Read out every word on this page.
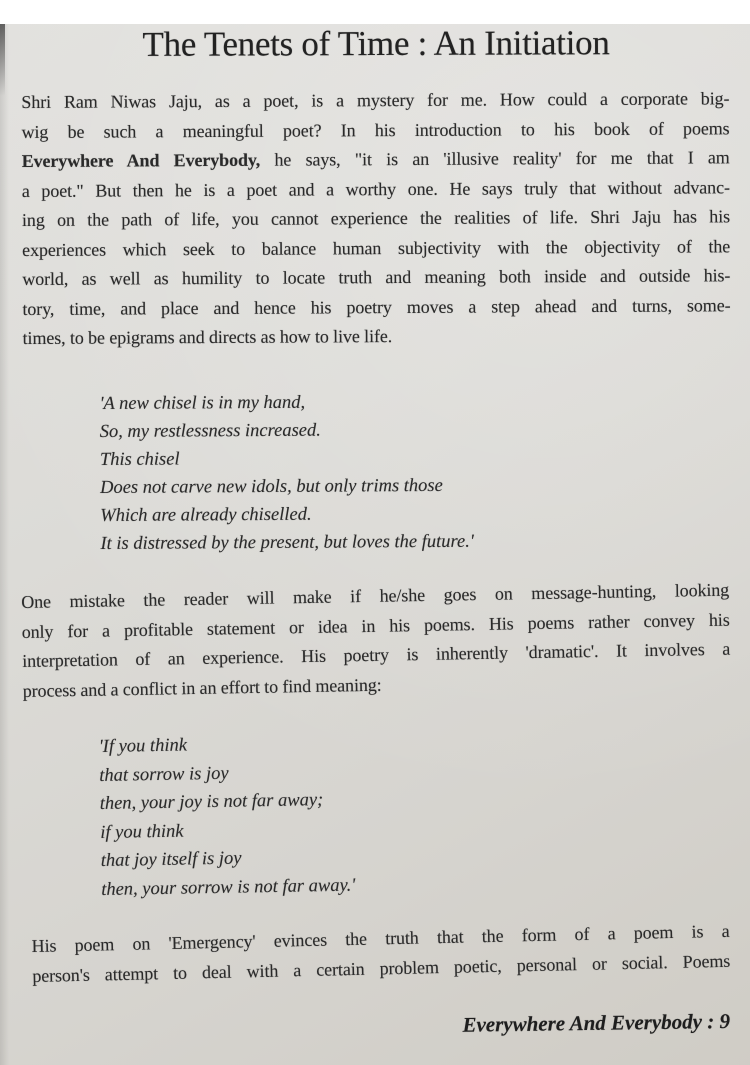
The Tenets of Time : An Initiation
Shri Ram Niwas Jaju, as a poet, is a mystery for me. How could a corporate big-
wig be such a meaningful poet? In his introduction to his book of poems
Everywhere And Everybody, he says, "it is an 'illusive reality' for me that I am
a poet." But then he is a poet and a worthy one. He says truly that without advanc-
ing on the path of life, you cannot experience the realities of life. Shri Jaju has his
experiences which seek to balance human subjectivity with the objectivity of the
world, as well as humility to locate truth and meaning both inside and outside his-
tory, time, and place and hence his poetry moves a step ahead and turns, some-
times, to be epigrams and directs as how to live life.
'A new chisel is in my hand,
So, my restlessness increased.
This chisel
Does not carve new idols, but only trims those
Which are already chiselled.
It is distressed by the present, but loves the future.'
One mistake the reader will make if he/she goes on message-hunting, looking
only for a profitable statement or idea in his poems. His poems rather convey his
interpretation of an experience. His poetry is inherently 'dramatic'. It involves a
process and a conflict in an effort to find meaning:
'If you think
that sorrow is joy
then, your joy is not far away;
if you think
that joy itself is joy
then, your sorrow is not far away.'
His poem on 'Emergency' evinces the truth that the form of a poem is a
person's attempt to deal with a certain problem poetic, personal or social. Poems
Everywhere And Everybody : 9
